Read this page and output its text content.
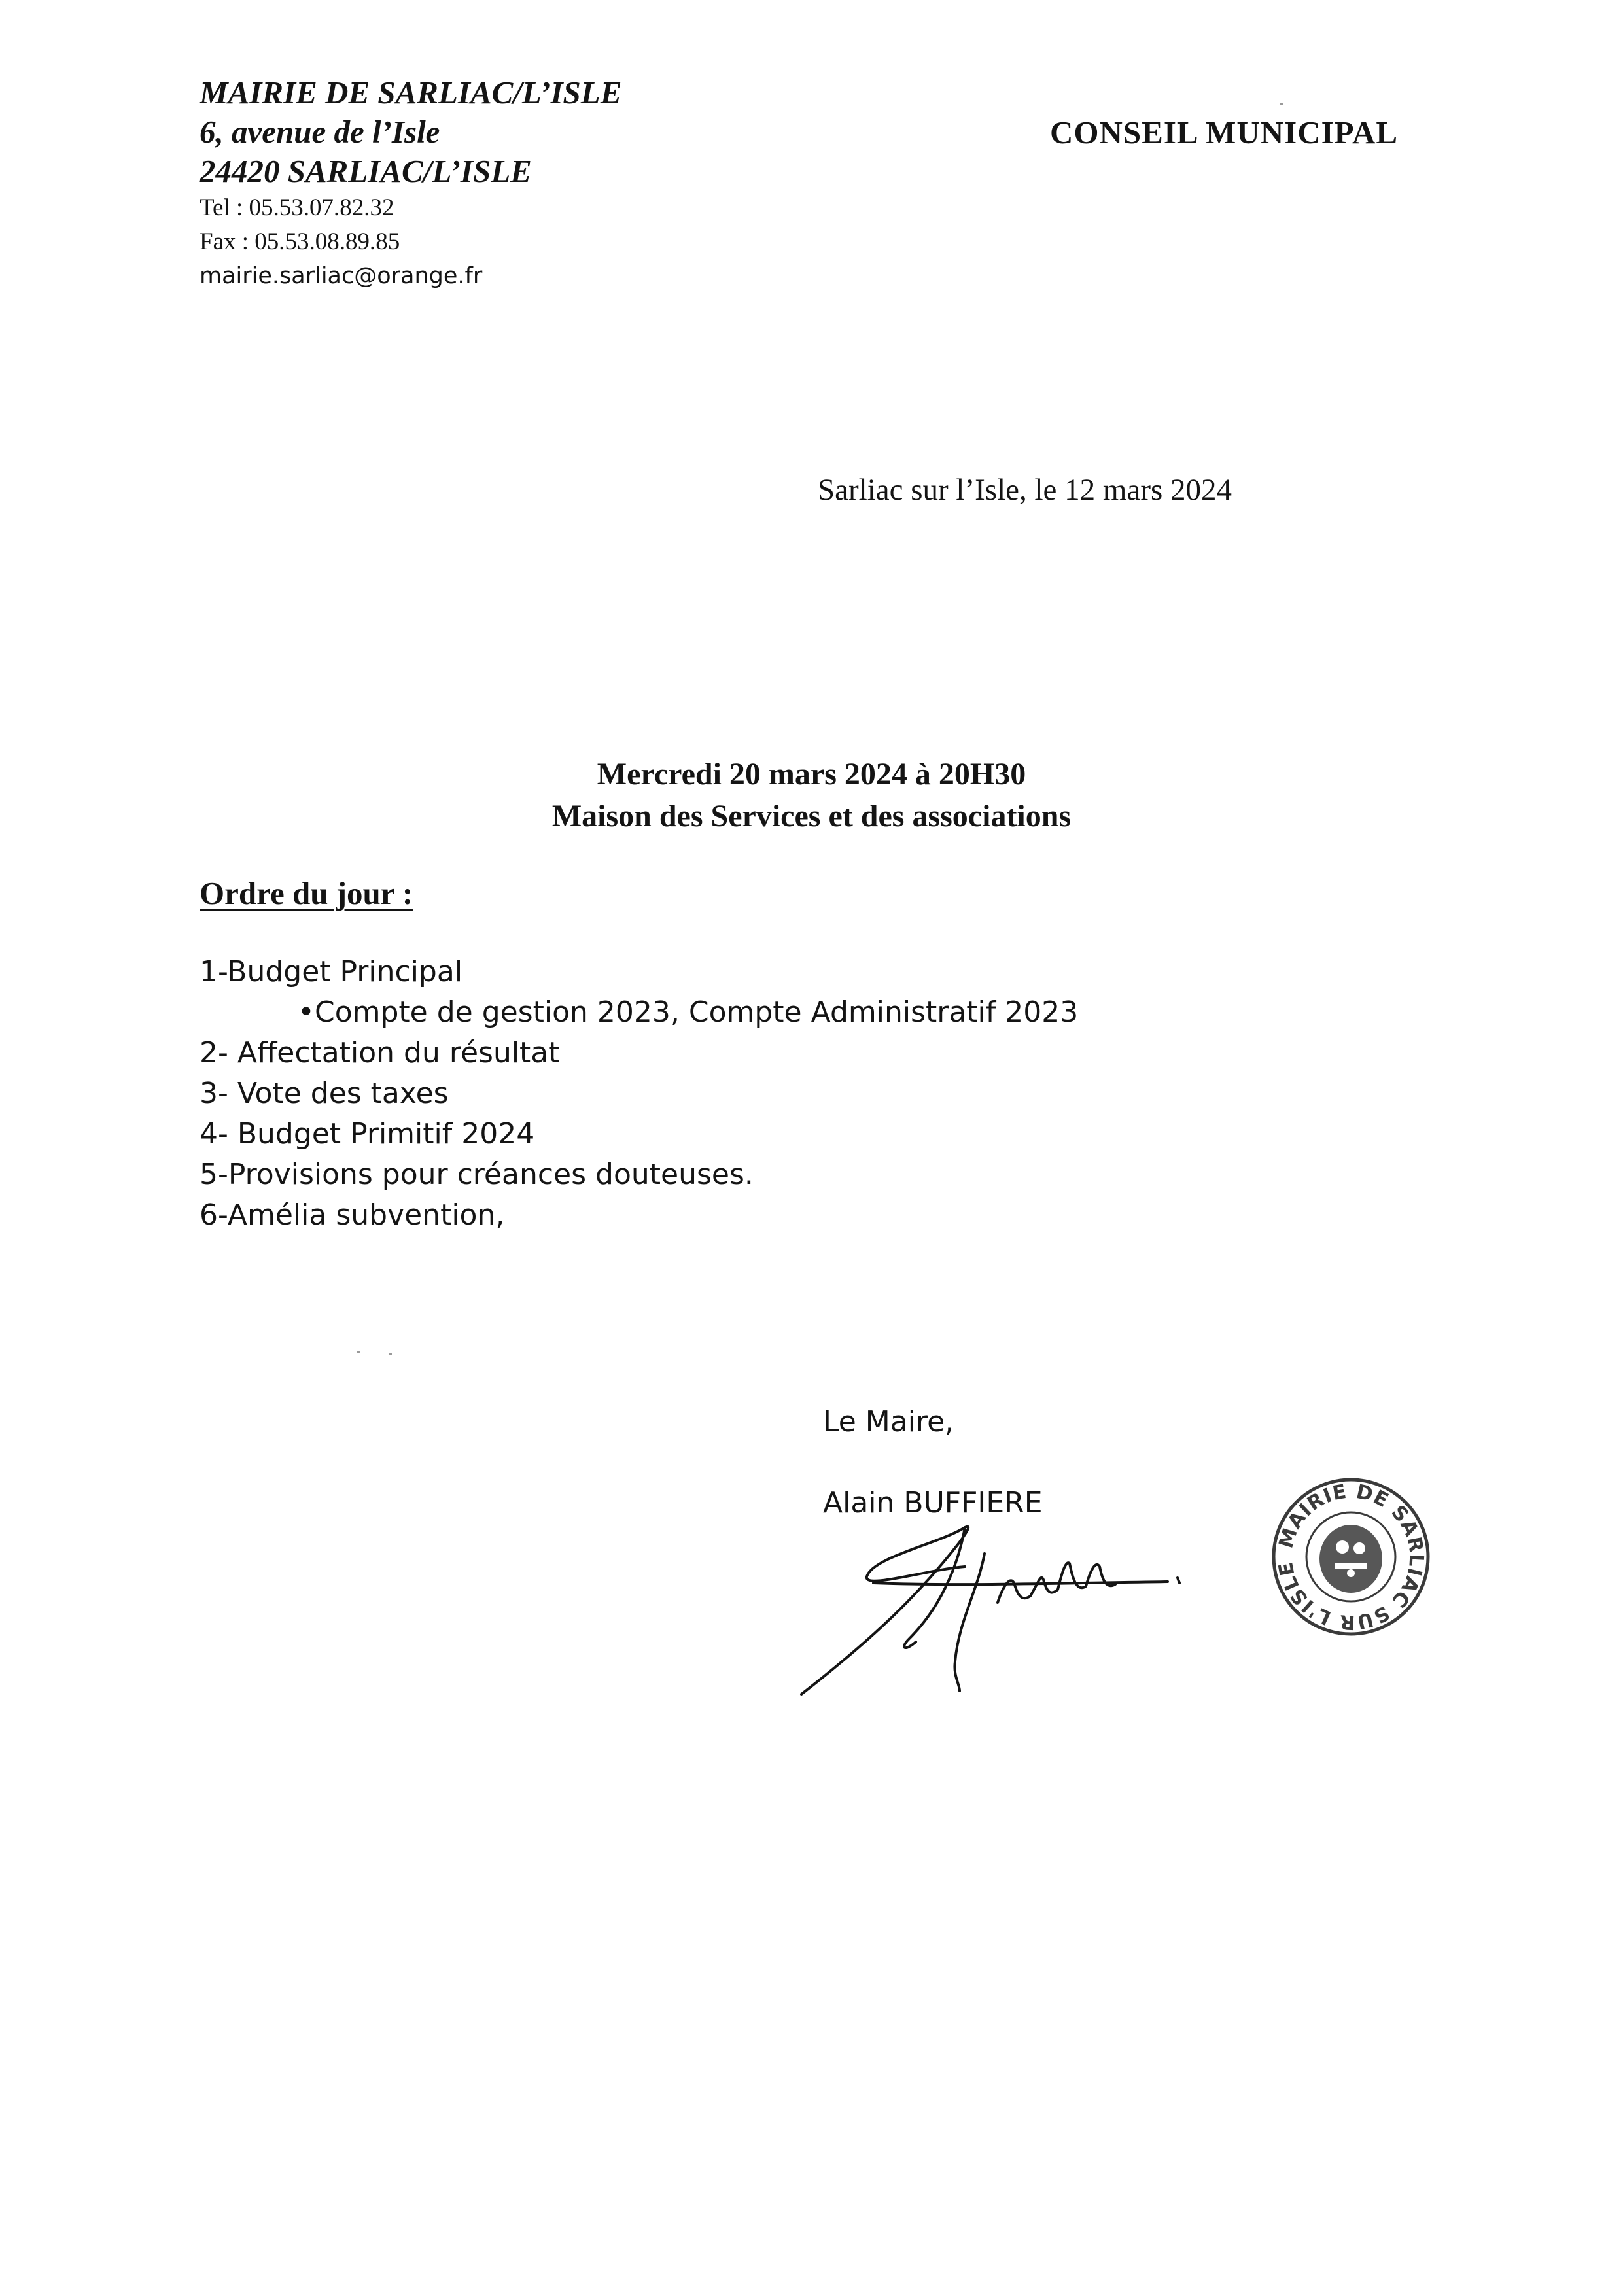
MAIRIE DE SARLIAC/L’ISLE
6, avenue de l’Isle
24420 SARLIAC/L’ISLE
Tel : 05.53.07.82.32
Fax : 05.53.08.89.85
mairie.sarliac@orange.fr
CONSEIL MUNICIPAL
Sarliac sur l’Isle, le 12 mars 2024
Mercredi 20 mars 2024 à 20H30
Maison des Services et des associations
Ordre du jour :
1-Budget Principal
•Compte de gestion 2023, Compte Administratif 2023
2- Affectation du résultat
3- Vote des taxes
4- Budget Primitif 2024
5-Provisions pour créances douteuses.
6-Amélia subvention,
Le Maire,
Alain BUFFIERE
MAIRIE DE SARLIAC SUR L'ISLE
